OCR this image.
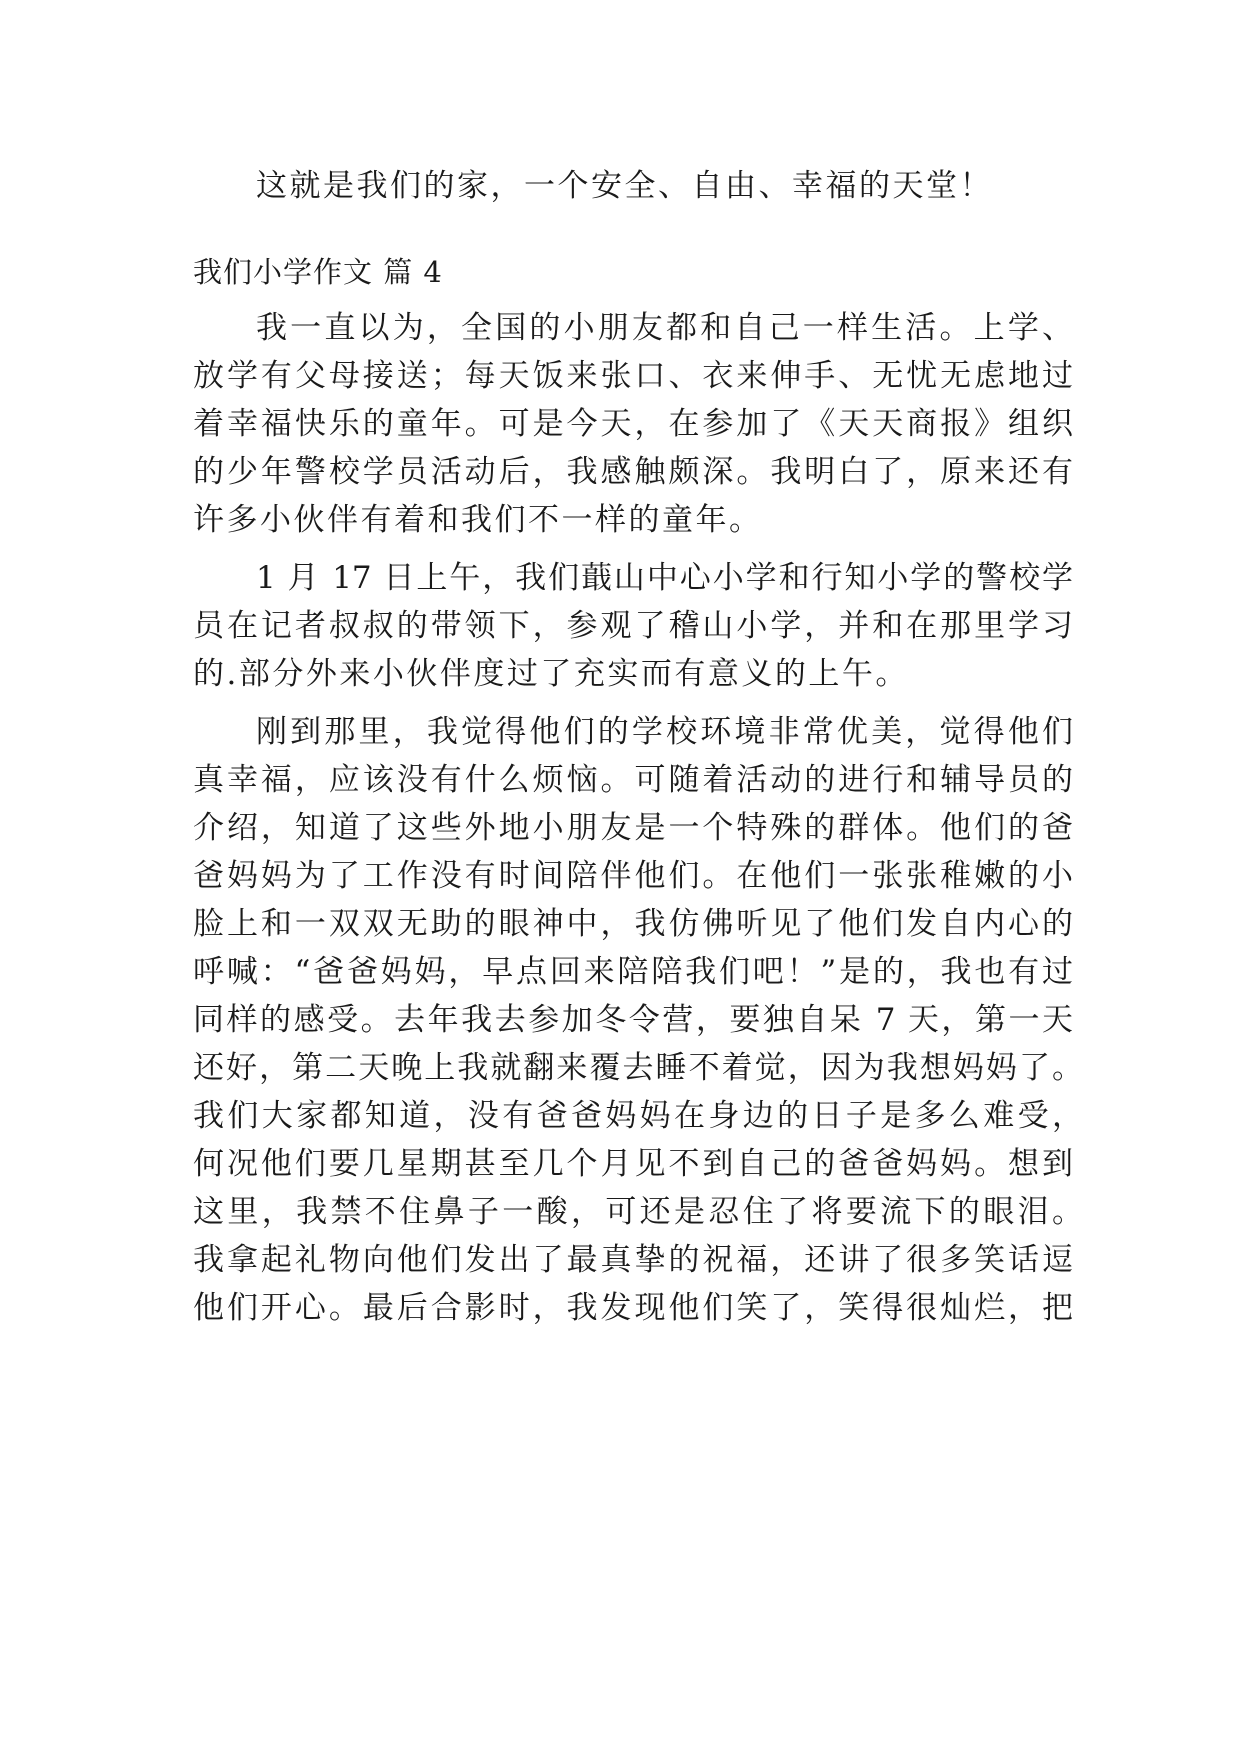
这就是我们的家，一个安全、自由、幸福的天堂！

我们小学作文 篇 4

我一直以为，全国的小朋友都和自己一样生活。上学、

放学有父母接送；每天饭来张口、衣来伸手、无忧无虑地过

着幸福快乐的童年。可是今天，在参加了《天天商报》组织

的少年警校学员活动后，我感触颇深。我明白了，原来还有

许多小伙伴有着和我们不一样的童年。

1 月 17 日上午，我们蕺山中心小学和行知小学的警校学

员在记者叔叔的带领下，参观了稽山小学，并和在那里学习

的.部分外来小伙伴度过了充实而有意义的上午。

刚到那里，我觉得他们的学校环境非常优美，觉得他们

真幸福，应该没有什么烦恼。可随着活动的进行和辅导员的

介绍，知道了这些外地小朋友是一个特殊的群体。他们的爸

爸妈妈为了工作没有时间陪伴他们。在他们一张张稚嫩的小

脸上和一双双无助的眼神中，我仿佛听见了他们发自内心的

呼喊：“爸爸妈妈，早点回来陪陪我们吧！”是的，我也有过

同样的感受。去年我去参加冬令营，要独自呆 7 天，第一天

还好，第二天晚上我就翻来覆去睡不着觉，因为我想妈妈了。

我们大家都知道，没有爸爸妈妈在身边的日子是多么难受，

何况他们要几星期甚至几个月见不到自己的爸爸妈妈。想到

这里，我禁不住鼻子一酸，可还是忍住了将要流下的眼泪。

我拿起礼物向他们发出了最真挚的祝福，还讲了很多笑话逗

他们开心。最后合影时，我发现他们笑了，笑得很灿烂，把
